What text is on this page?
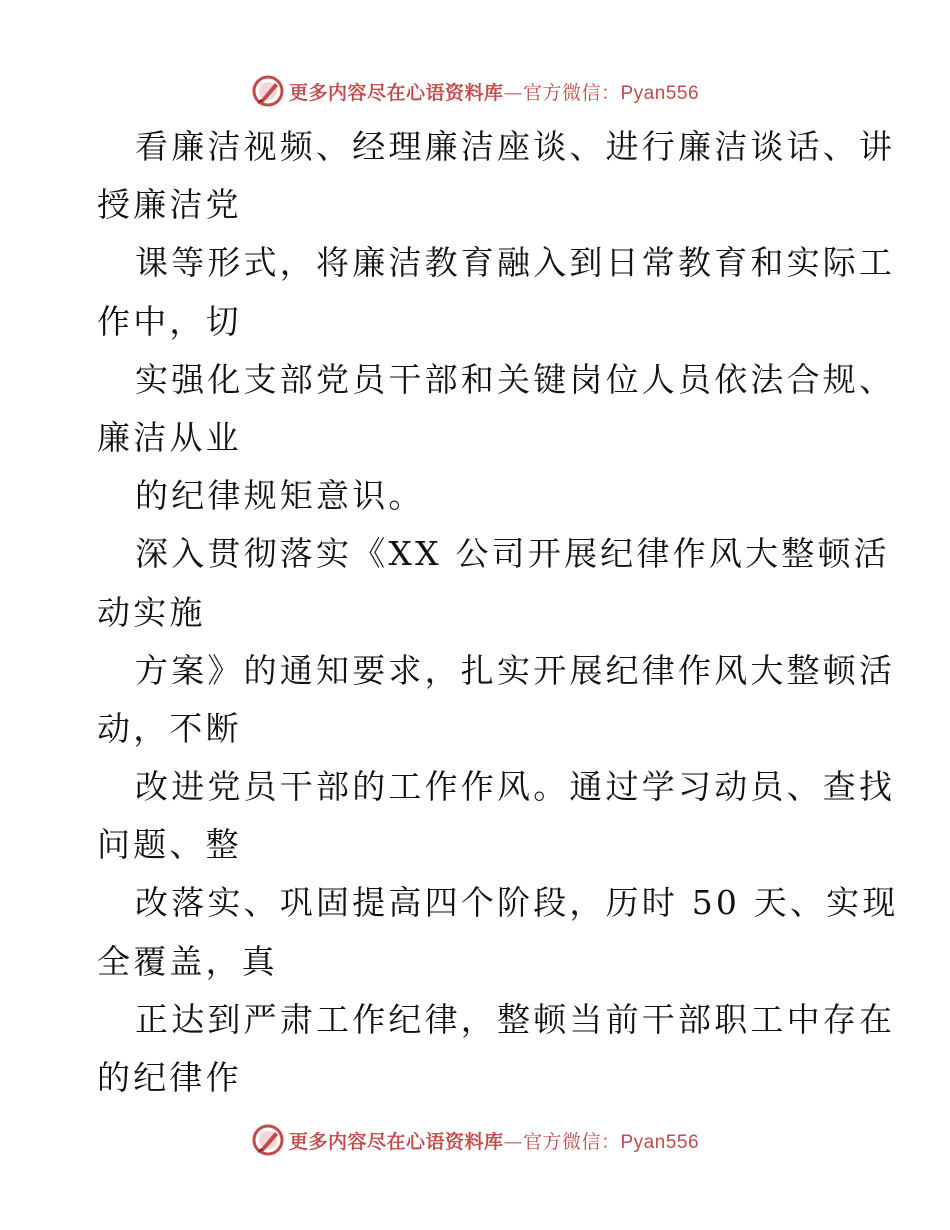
更多内容尽在心语资料库—官方微信：Pyan556
看廉洁视频、经理廉洁座谈、进行廉洁谈话、讲
授廉洁党
课等形式，将廉洁教育融入到日常教育和实际工
作中，切
实强化支部党员干部和关键岗位人员依法合规、
廉洁从业
的纪律规矩意识。
深入贯彻落实《XX 公司开展纪律作风大整顿活
动实施
方案》的通知要求，扎实开展纪律作风大整顿活
动，不断
改进党员干部的工作作风。通过学习动员、查找
问题、整
改落实、巩固提高四个阶段，历时 50 天、实现
全覆盖，真
正达到严肃工作纪律，整顿当前干部职工中存在
的纪律作
更多内容尽在心语资料库—官方微信：Pyan556
